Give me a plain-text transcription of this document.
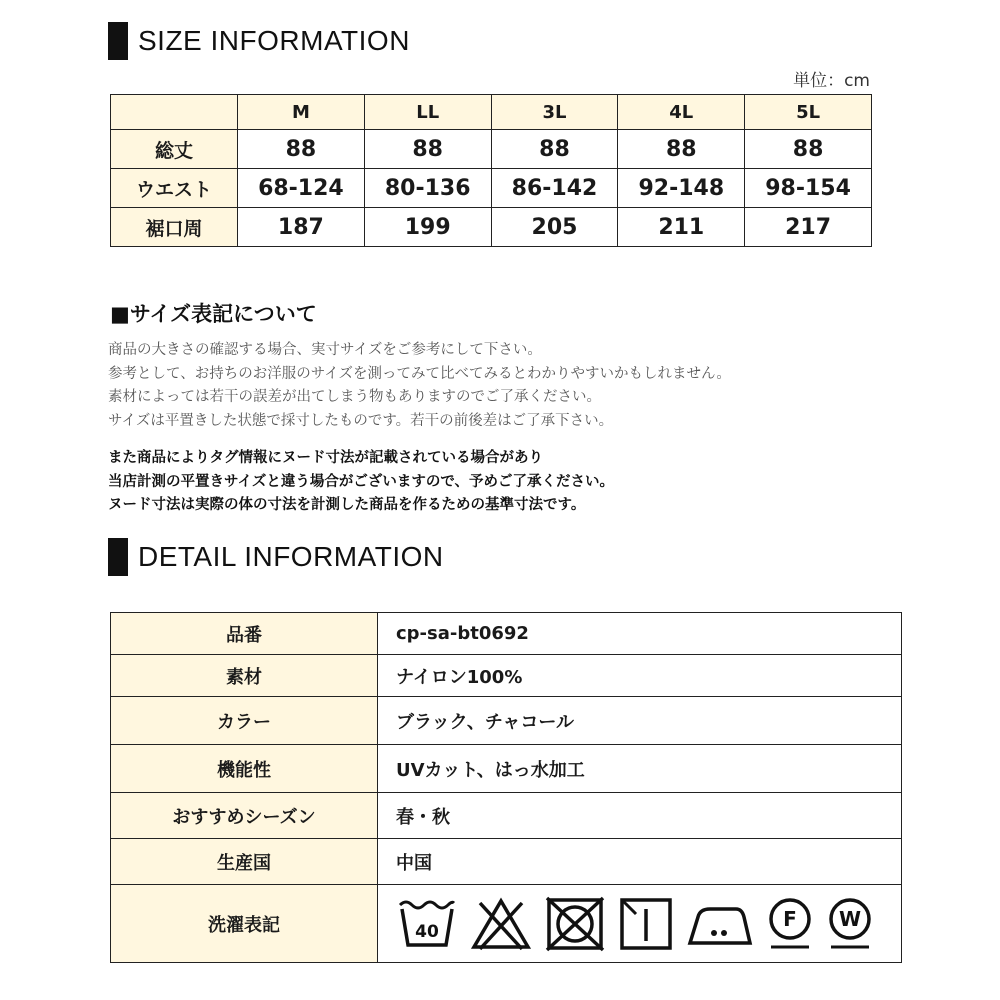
SIZE INFORMATION
単位：cm
	M	LL	3L	4L	5L
総丈	88	88	88	88	88
ウエスト	68-124	80-136	86-142	92-148	98-154
裾口周	187	199	205	211	217
■サイズ表記について
商品の大きさの確認する場合、実寸サイズをご参考にして下さい。
参考として、お持ちのお洋服のサイズを測ってみて比べてみるとわかりやすいかもしれません。
素材によっては若干の誤差が出てしまう物もありますのでご了承ください。
サイズは平置きした状態で採寸したものです。若干の前後差はご了承下さい。
また商品によりタグ情報にヌード寸法が記載されている場合があり
当店計測の平置きサイズと違う場合がございますので、予めご了承ください。
ヌード寸法は実際の体の寸法を計測した商品を作るための基準寸法です。
DETAIL INFORMATION
品番	cp-sa-bt0692
素材	ナイロン100%
カラー	ブラック、チャコール
機能性	UVカット、はっ水加工
おすすめシーズン	春・秋
生産国	中国
洗濯表記	40
F W
